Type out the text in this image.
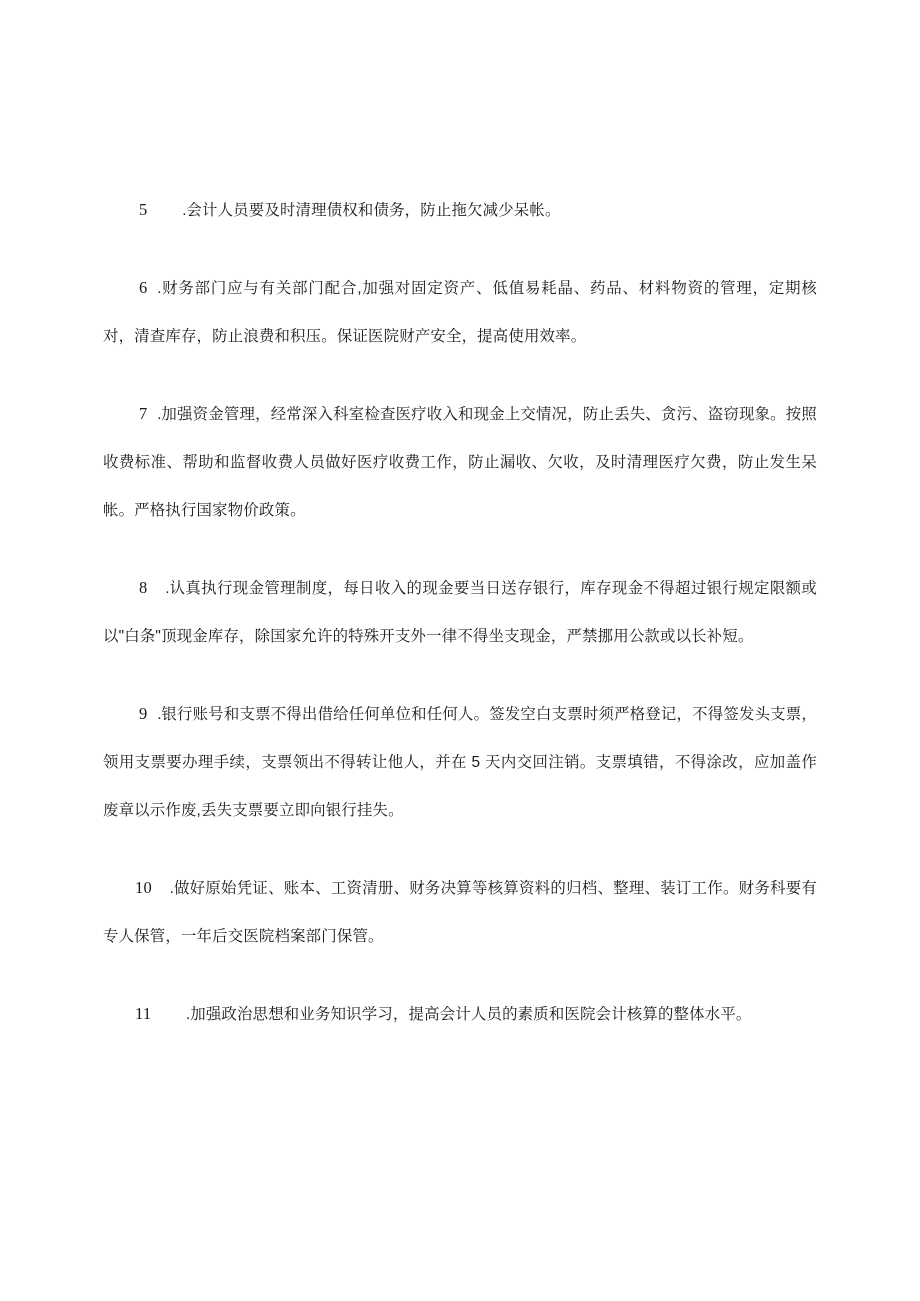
5 .会计人员要及时清理债权和债务，防止拖欠减少呆帐。

6 .财务部门应与有关部门配合,加强对固定资产、低值易耗晶、药品、材料物资的管理，定期核对，清查库存，防止浪费和积压。保证医院财产安全，提高使用效率。

7 .加强资金管理，经常深入科室检查医疗收入和现金上交情况，防止丢失、贪污、盗窃现象。按照收费标准、帮助和监督收费人员做好医疗收费工作，防止漏收、欠收，及时清理医疗欠费，防止发生呆帐。严格执行国家物价政策。

8 .认真执行现金管理制度，每日收入的现金要当日送存银行，库存现金不得超过银行规定限额或以"白条"顶现金库存，除国家允许的特殊开支外一律不得坐支现金，严禁挪用公款或以长补短。

9 .银行账号和支票不得出借给任何单位和任何人。签发空白支票时须严格登记，不得签发头支票，领用支票要办理手续，支票领出不得转让他人，并在 5 天内交回注销。支票填错，不得涂改，应加盖作废章以示作废,丢失支票要立即向银行挂失。

10 .做好原始凭证、账本、工资清册、财务决算等核算资料的归档、整理、装订工作。财务科要有专人保管，一年后交医院档案部门保管。

11 .加强政治思想和业务知识学习，提高会计人员的素质和医院会计核算的整体水平。
